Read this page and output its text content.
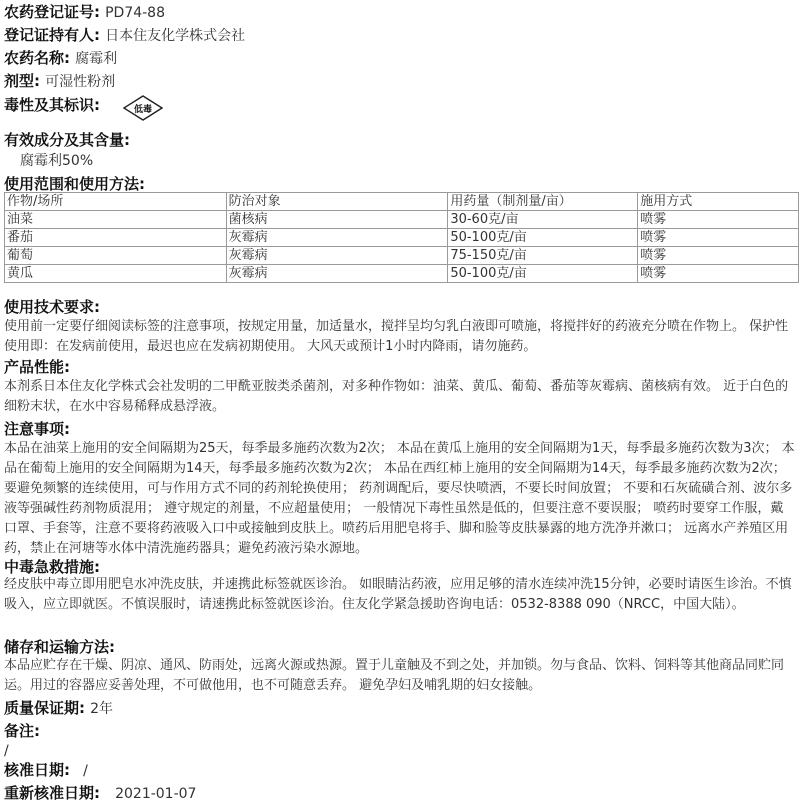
农药登记证号: PD74-88
登记证持有人: 日本住友化学株式会社
农药名称: 腐霉利
剂型: 可湿性粉剂
毒性及其标识:	低毒
有效成分及其含量:
腐霉利50%
使用范围和使用方法:
作物/场所	防治对象	用药量（制剂量/亩）	施用方式
油菜	菌核病	30-60克/亩	喷雾
番茄	灰霉病	50-100克/亩	喷雾
葡萄	灰霉病	75-150克/亩	喷雾
黄瓜	灰霉病	50-100克/亩	喷雾
使用技术要求:
使用前一定要仔细阅读标签的注意事项，按规定用量，加适量水，搅拌呈均匀乳白液即可喷施，将搅拌好的药液充分喷在作物上。 保护性使用即：在发病前使用，最迟也应在发病初期使用。 大风天或预计1小时内降雨，请勿施药。
产品性能:
本剂系日本住友化学株式会社发明的二甲酰亚胺类杀菌剂，对多种作物如：油菜、黄瓜、葡萄、番茄等灰霉病、菌核病有效。 近于白色的细粉末状，在水中容易稀释成悬浮液。
注意事项:
本品在油菜上施用的安全间隔期为25天，每季最多施药次数为2次； 本品在黄瓜上施用的安全间隔期为1天，每季最多施药次数为3次； 本品在葡萄上施用的安全间隔期为14天，每季最多施药次数为2次； 本品在西红柿上施用的安全间隔期为14天，每季最多施药次数为2次； 要避免频繁的连续使用，可与作用方式不同的药剂轮换使用； 药剂调配后，要尽快喷洒，不要长时间放置； 不要和石灰硫磺合剂、波尔多液等强碱性药剂物质混用； 遵守规定的剂量，不应超量使用； 一般情况下毒性虽然是低的，但要注意不要误服； 喷药时要穿工作服，戴口罩、手套等，注意不要将药液吸入口中或接触到皮肤上。喷药后用肥皂将手、脚和脸等皮肤暴露的地方洗净并漱口； 远离水产养殖区用药，禁止在河塘等水体中清洗施药器具；避免药液污染水源地。
中毒急救措施:
经皮肤中毒立即用肥皂水冲洗皮肤，并速携此标签就医诊治。 如眼睛沾药液，应用足够的清水连续冲洗15分钟，必要时请医生诊治。不慎吸入，应立即就医。不慎误服时，请速携此标签就医诊治。住友化学紧急援助咨询电话：0532-8388 090（NRCC，中国大陆）。
储存和运输方法:
本品应贮存在干燥、阴凉、通风、防雨处，远离火源或热源。置于儿童触及不到之处，并加锁。勿与食品、饮料、饲料等其他商品同贮同运。用过的容器应妥善处理，不可做他用，也不可随意丢弃。 避免孕妇及哺乳期的妇女接触。
质量保证期: 2年
备注:
/
核准日期: /
重新核准日期: 2021-01-07
